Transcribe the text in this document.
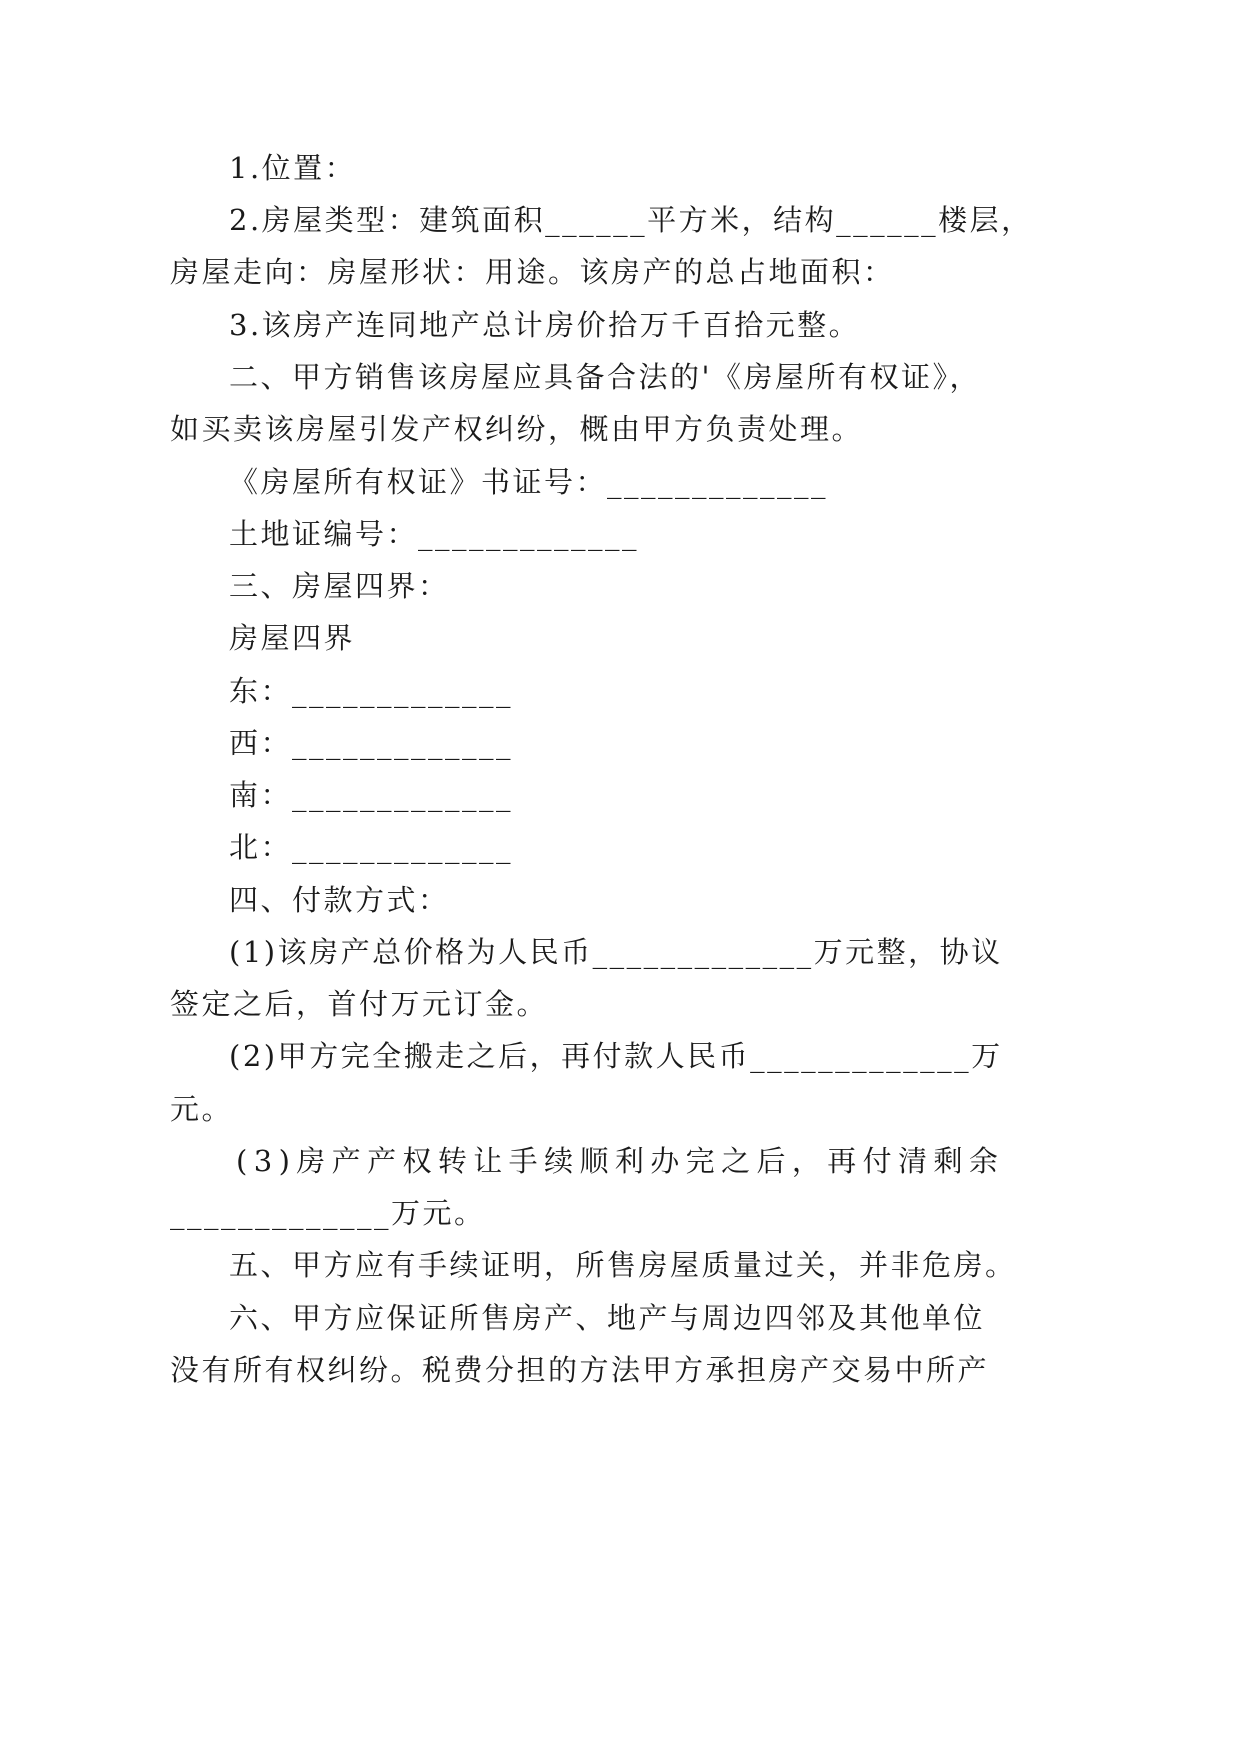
1.位置：
2.房屋类型：建筑面积______平方米，结构______楼层，
房屋走向：房屋形状：用途。该房产的总占地面积：
3.该房产连同地产总计房价拾万千百拾元整。
二、甲方销售该房屋应具备合法的'《房屋所有权证》，
如买卖该房屋引发产权纠纷，概由甲方负责处理。
《房屋所有权证》书证号：_____________
土地证编号：_____________
三、房屋四界：
房屋四界
东：_____________
西：_____________
南：_____________
北：_____________
四、付款方式：
(1)该房产总价格为人民币_____________万元整，协议
签定之后，首付万元订金。
(2)甲方完全搬走之后，再付款人民币_____________万
元。
(3)房产产权转让手续顺利办完之后，再付清剩余
_____________万元。
五、甲方应有手续证明，所售房屋质量过关，并非危房。
六、甲方应保证所售房产、地产与周边四邻及其他单位
没有所有权纠纷。税费分担的方法甲方承担房产交易中所产
